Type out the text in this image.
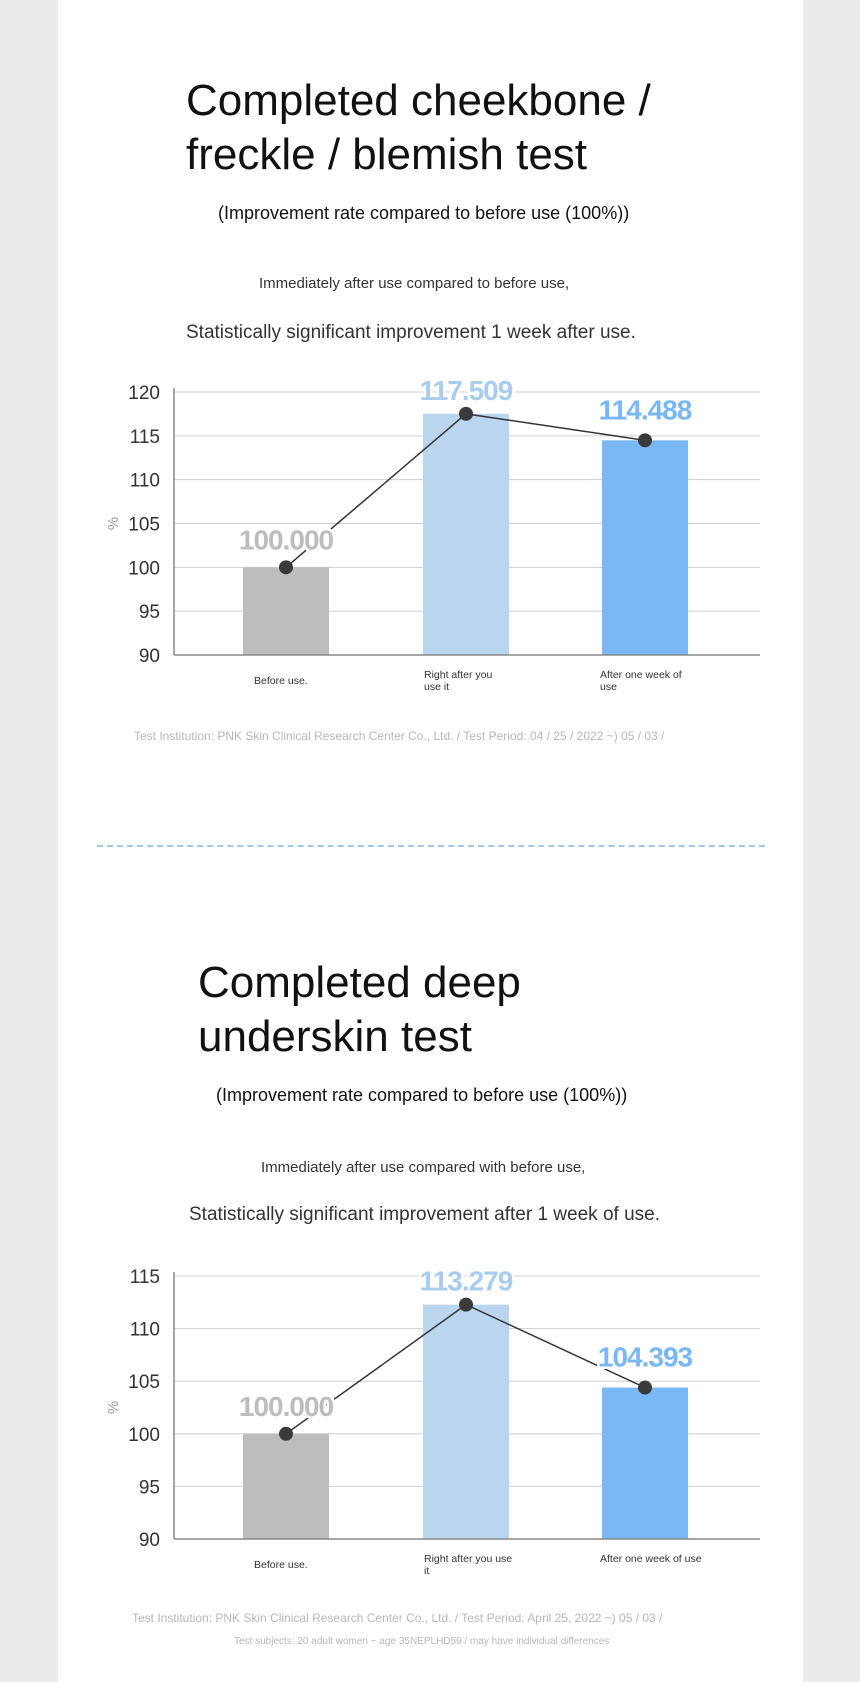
Completed cheekbone /
freckle / blemish test
(Improvement rate compared to before use (100%))
Immediately after use compared to before use,
Statistically significant improvement 1 week after use.
90
95
100
105
110
115
120
%
100.000
117.509
114.488
Before use.	Right after you
use it
After one week of
use
Test Institution: PNK Skin Clinical Research Center Co., Ltd. / Test Period: 04 / 25 / 2022 ~) 05 / 03 /
Completed deep
underskin test
(Improvement rate compared to before use (100%))
Immediately after use compared with before use,
Statistically significant improvement after 1 week of use.
90
95
100
105
110
115
%	100.000
113.279
104.393
Before use.	Right after you use
it
After one week of use
Test Institution: PNK Skin Clinical Research Center Co., Ltd. / Test Period: April 25, 2022 ~) 05 / 03 /
Test subjects: 20 adult women ~ age 35NEPLHD59 / may have individual differences
